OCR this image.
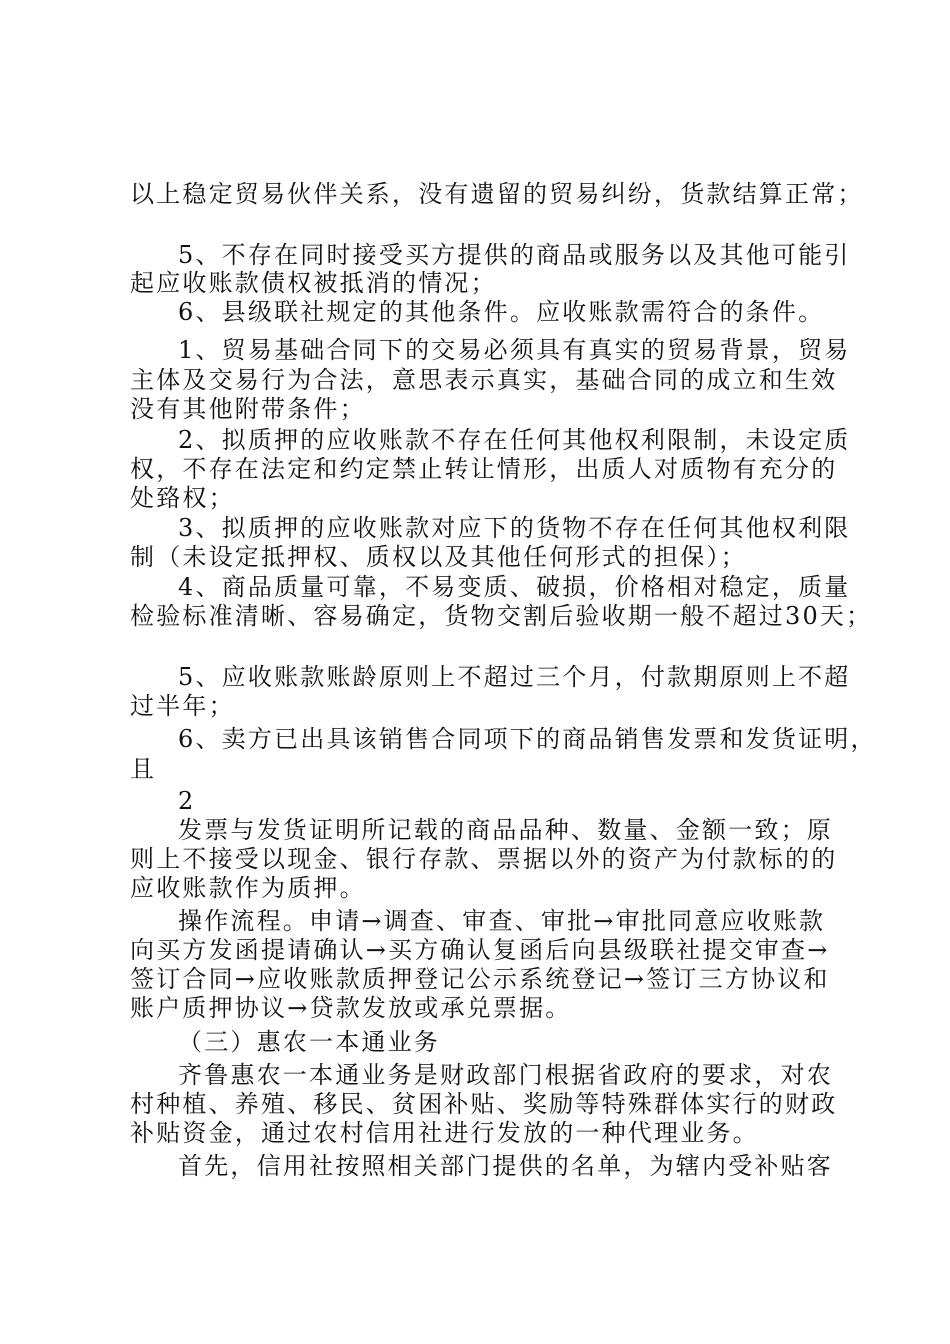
以上稳定贸易伙伴关系，没有遗留的贸易纠纷，货款结算正常；
5、不存在同时接受买方提供的商品或服务以及其他可能引
起应收账款债权被抵消的情况；
6、县级联社规定的其他条件。应收账款需符合的条件。
1、贸易基础合同下的交易必须具有真实的贸易背景，贸易
主体及交易行为合法，意思表示真实，基础合同的成立和生效
没有其他附带条件；
2、拟质押的应收账款不存在任何其他权利限制，未设定质
权，不存在法定和约定禁止转让情形，出质人对质物有充分的
处臵权；
3、拟质押的应收账款对应下的货物不存在任何其他权利限
制（未设定抵押权、质权以及其他任何形式的担保）；
4、商品质量可靠，不易变质、破损，价格相对稳定，质量
检验标准清晰、容易确定，货物交割后验收期一般不超过30天；
5、应收账款账龄原则上不超过三个月，付款期原则上不超
过半年；
6、卖方已出具该销售合同项下的商品销售发票和发货证明，
且
2
发票与发货证明所记载的商品品种、数量、金额一致；原
则上不接受以现金、银行存款、票据以外的资产为付款标的的
应收账款作为质押。
操作流程。申请→调查、审查、审批→审批同意应收账款
向买方发函提请确认→买方确认复函后向县级联社提交审查→
签订合同→应收账款质押登记公示系统登记→签订三方协议和
账户质押协议→贷款发放或承兑票据。
（三）惠农一本通业务
齐鲁惠农一本通业务是财政部门根据省政府的要求，对农
村种植、养殖、移民、贫困补贴、奖励等特殊群体实行的财政
补贴资金，通过农村信用社进行发放的一种代理业务。
首先，信用社按照相关部门提供的名单，为辖内受补贴客
